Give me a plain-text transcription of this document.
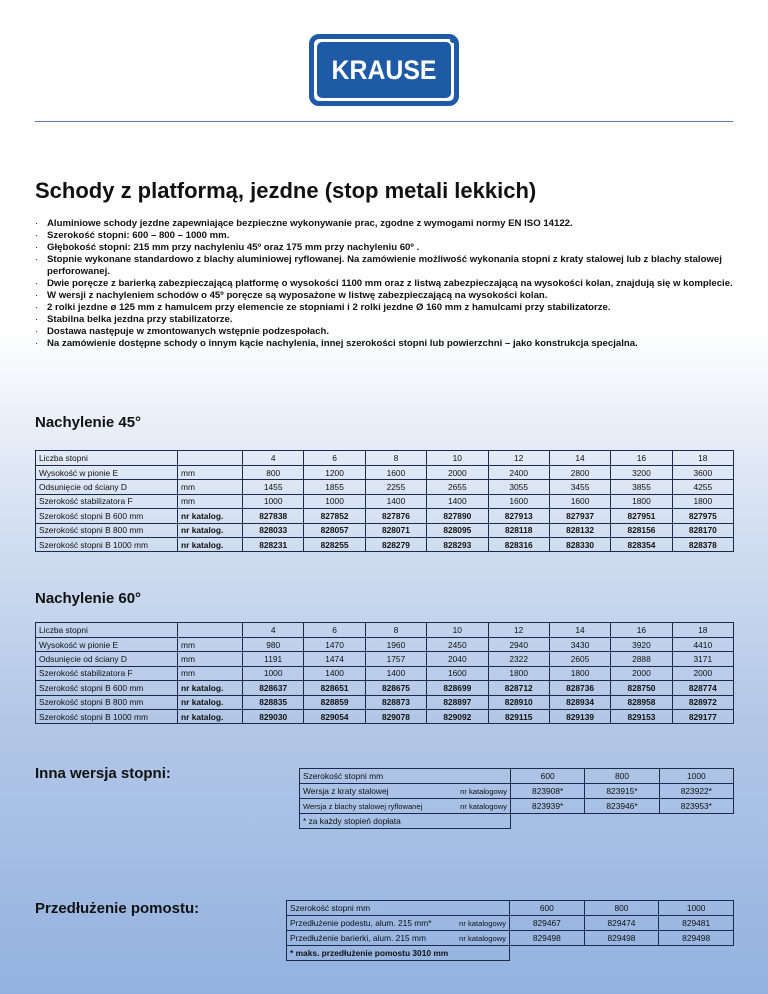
KRAUSE
Schody z platformą, jezdne (stop metali lekkich)
· Aluminiowe schody jezdne zapewniające bezpieczne wykonywanie prac, zgodne z wymogami normy EN ISO 14122.
· Szerokość stopni: 600 – 800 – 1000 mm.
· Głębokość stopni: 215 mm przy nachyleniu 45º oraz 175 mm przy nachyleniu 60º .
· Stopnie wykonane standardowo z blachy aluminiowej ryflowanej. Na zamówienie możliwość wykonania stopni z kraty stalowej lub z blachy stalowej perforowanej.
· Dwie poręcze z barierką zabezpieczającą platformę o wysokości 1100 mm oraz z listwą zabezpieczającą na wysokości kolan, znajdują się w komplecie.
· W wersji z nachyleniem schodów o 45º poręcze są wyposażone w listwę zabezpieczającą na wysokości kolan.
· 2 rolki jezdne ø 125 mm z hamulcem przy elemencie ze stopniami i 2 rolki jezdne Ø 160 mm z hamulcami przy stabilizatorze.
· Stabilna belka jezdna przy stabilizatorze.
· Dostawa następuje w zmontowanych wstępnie podzespołach.
· Na zamówienie dostępne schody o innym kącie nachylenia, innej szerokości stopni lub powierzchni – jako konstrukcja specjalna.
Nachylenie 45°
Liczba stopni		4	6	8	10	12	14	16	18
Wysokość w pionie E	mm	800	1200	1600	2000	2400	2800	3200	3600
Odsunięcie od ściany D	mm	1455	1855	2255	2655	3055	3455	3855	4255
Szerokość stabilizatora F	mm	1000	1000	1400	1400	1600	1600	1800	1800
Szerokość stopni B 600 mm	nr katalog.	827838	827852	827876	827890	827913	827937	827951	827975
Szerokość stopni B 800 mm	nr katalog.	828033	828057	828071	828095	828118	828132	828156	828170
Szerokość stopni B 1000 mm	nr katalog.	828231	828255	828279	828293	828316	828330	828354	828378
Nachylenie 60°
Liczba stopni		4	6	8	10	12	14	16	18
Wysokość w pionie E	mm	980	1470	1960	2450	2940	3430	3920	4410
Odsunięcie od ściany D	mm	1191	1474	1757	2040	2322	2605	2888	3171
Szerokość stabilizatora F	mm	1000	1400	1400	1600	1800	1800	2000	2000
Szerokość stopni B 600 mm	nr katalog.	828637	828651	828675	828699	828712	828736	828750	828774
Szerokość stopni B 800 mm	nr katalog.	828835	828859	828873	828897	828910	828934	828958	828972
Szerokość stopni B 1000 mm	nr katalog.	829030	829054	829078	829092	829115	829139	829153	829177
Inna wersja stopni:	Szerokość stopni mm		600	800	1000
Wersja z kraty stalowej	nr katalogowy	823908*	823915*	823922*
Wersja z blachy stalowej ryflowanej	nr katalogowy	823939*	823946*	823953*
* za każdy stopień dopłata				
Przedłużenie pomostu:	Szerokość stopni mm		600	800	1000
Przedłużenie podestu, alum. 215 mm*	nr katalogowy	829467	829474	829481
Przedłużenie barierki, alum. 215 mm	nr katalogowy	829498	829498	829498
* maks. przedłużenie pomostu 3010 mm				
